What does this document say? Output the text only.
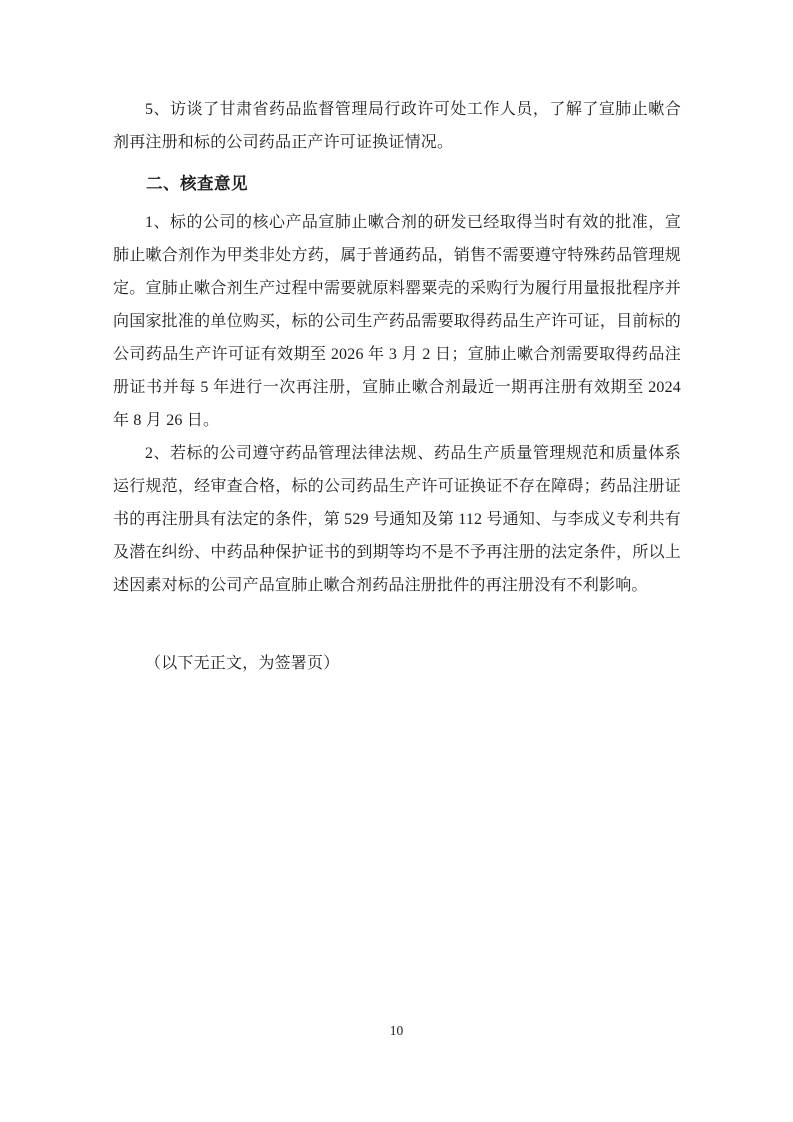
5、访谈了甘肃省药品监督管理局行政许可处工作人员，了解了宣肺止嗽合剂再注册和标的公司药品正产许可证换证情况。

二、核查意见

1、标的公司的核心产品宣肺止嗽合剂的研发已经取得当时有效的批准，宣肺止嗽合剂作为甲类非处方药，属于普通药品，销售不需要遵守特殊药品管理规定。宣肺止嗽合剂生产过程中需要就原料罂粟壳的采购行为履行用量报批程序并向国家批准的单位购买，标的公司生产药品需要取得药品生产许可证，目前标的公司药品生产许可证有效期至 2026 年 3 月 2 日；宣肺止嗽合剂需要取得药品注册证书并每 5 年进行一次再注册，宣肺止嗽合剂最近一期再注册有效期至 2024 年 8 月 26 日。

2、若标的公司遵守药品管理法律法规、药品生产质量管理规范和质量体系运行规范，经审查合格，标的公司药品生产许可证换证不存在障碍；药品注册证书的再注册具有法定的条件，第 529 号通知及第 112 号通知、与李成义专利共有及潜在纠纷、中药品种保护证书的到期等均不是不予再注册的法定条件，所以上述因素对标的公司产品宣肺止嗽合剂药品注册批件的再注册没有不利影响。

（以下无正文，为签署页）

10
